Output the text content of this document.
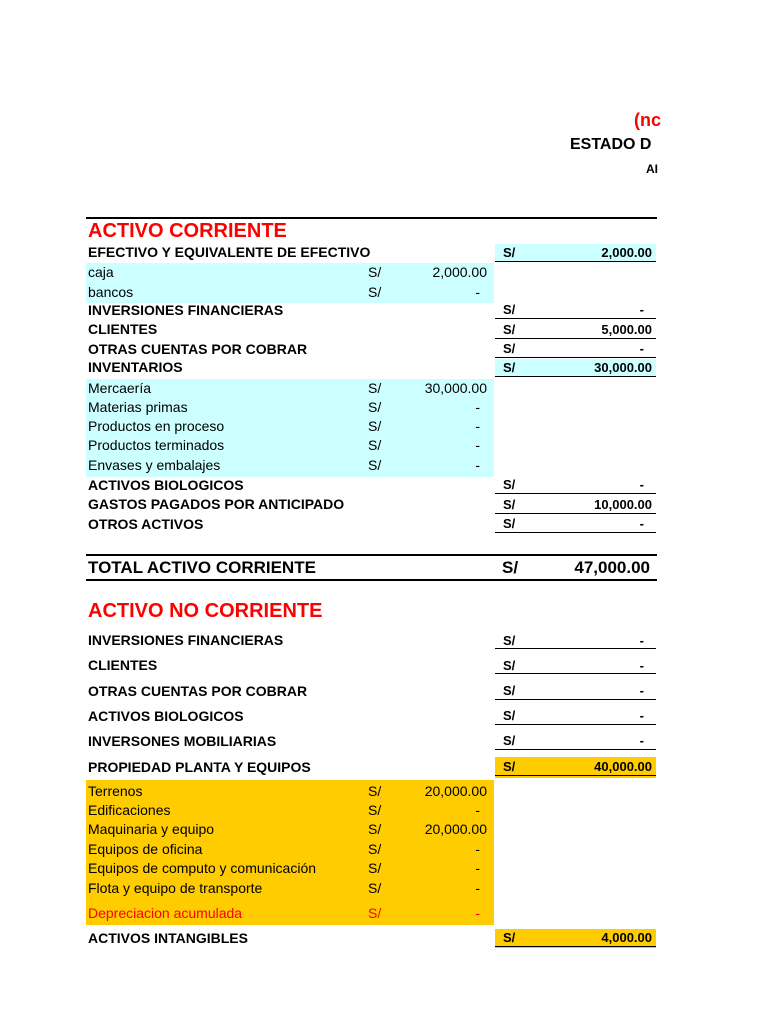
(nc
ESTADO D
AI
ACTIVO CORRIENTE
EFECTIVO Y EQUIVALENTE DE EFECTIVO	S/	2,000.00
caja	S/	2,000.00
bancos	S/	-
INVERSIONES FINANCIERAS	S/	-
CLIENTES	S/	5,000.00
OTRAS CUENTAS POR COBRAR	S/	-
INVENTARIOS	S/	30,000.00
Mercaería	S/	30,000.00
Materias primas	S/	-
Productos en proceso	S/	-
Productos terminados	S/	-
Envases y embalajes	S/	-
ACTIVOS BIOLOGICOS	S/	-
GASTOS PAGADOS POR ANTICIPADO	S/	10,000.00
OTROS ACTIVOS	S/	-
TOTAL ACTIVO CORRIENTE	S/	47,000.00
ACTIVO NO CORRIENTE
INVERSIONES FINANCIERAS	S/	-
CLIENTES	S/	-
OTRAS CUENTAS POR COBRAR	S/	-
ACTIVOS BIOLOGICOS	S/	-
INVERSONES MOBILIARIAS	S/	-
PROPIEDAD PLANTA Y EQUIPOS	S/	40,000.00
Terrenos	S/	20,000.00
Edificaciones	S/	-
Maquinaria y equipo	S/	20,000.00
Equipos de oficina	S/	-
Equipos de computo y comunicación	S/	-
Flota y equipo de transporte	S/	-
Depreciacion acumulada	S/	-
ACTIVOS INTANGIBLES	S/	4,000.00
